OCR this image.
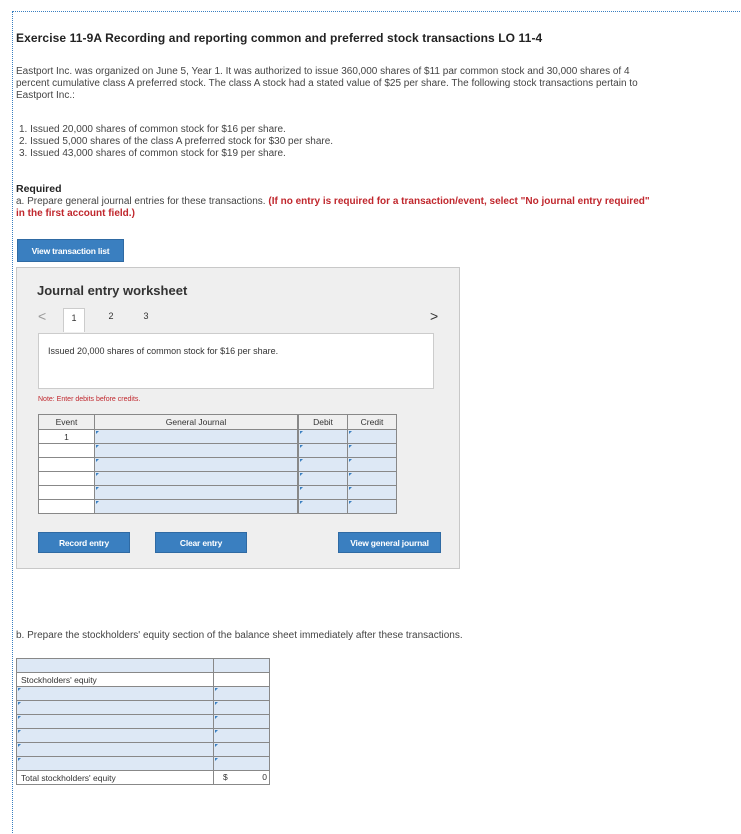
Exercise 11-9A Recording and reporting common and preferred stock transactions LO 11-4
Eastport Inc. was organized on June 5, Year 1. It was authorized to issue 360,000 shares of $11 par common stock and 30,000 shares of 4 percent cumulative class A preferred stock. The class A stock had a stated value of $25 per share. The following stock transactions pertain to Eastport Inc.:
1. Issued 20,000 shares of common stock for $16 per share.
2. Issued 5,000 shares of the class A preferred stock for $30 per share.
3. Issued 43,000 shares of common stock for $19 per share.
Required
a. Prepare general journal entries for these transactions. (If no entry is required for a transaction/event, select "No journal entry required" in the first account field.)
View transaction list
Journal entry worksheet
<	1	2	3	>
Issued 20,000 shares of common stock for $16 per share.
Note: Enter debits before credits.
Event	General Journal		Debit	Credit
1				

Record entry	Clear entry	View general journal
b. Prepare the stockholders' equity section of the balance sheet immediately after these transactions.

Stockholders' equity	

Total stockholders' equity	$ 0
